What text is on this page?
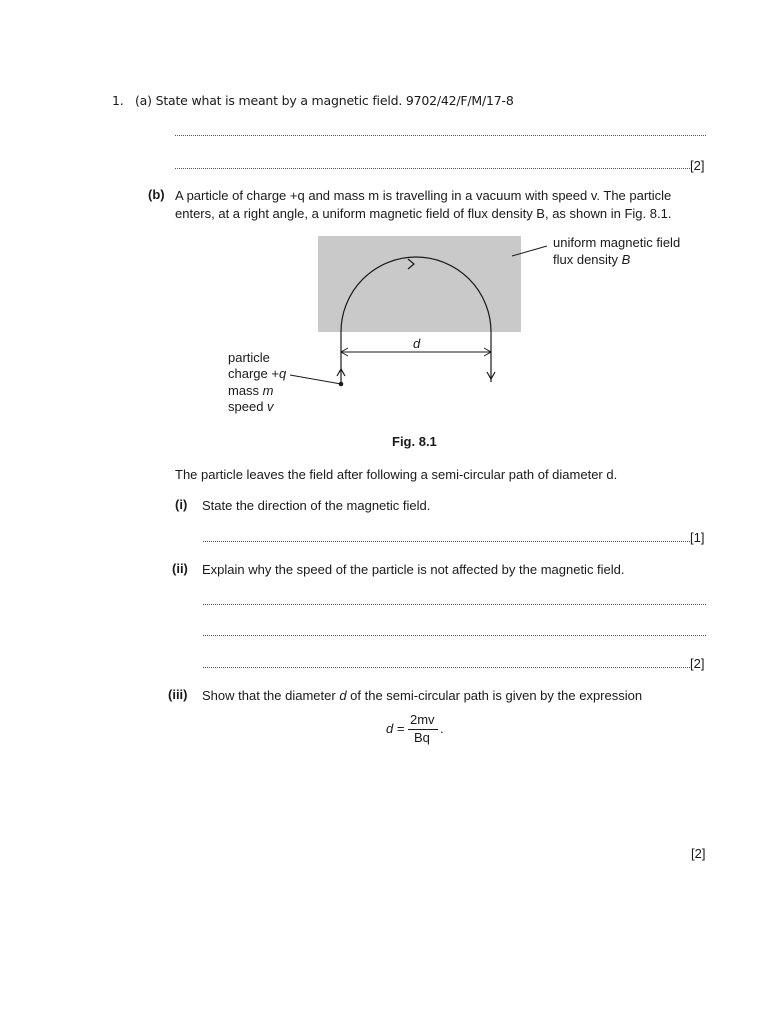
1. (a) State what is meant by a magnetic field. 9702/42/F/M/17-8
[2]
(b) A particle of charge +q and mass m is travelling in a vacuum with speed v. The particle
enters, at a right angle, a uniform magnetic field of flux density B, as shown in Fig. 8.1.
d
uniform magnetic field
flux density B
particle
charge +q
mass m
speed v
Fig. 8.1
The particle leaves the field after following a semi-circular path of diameter d.
(i) State the direction of the magnetic field.
[1]
(ii) Explain why the speed of the particle is not affected by the magnetic field.
[2]
(iii) Show that the diameter d of the semi-circular path is given by the expression
d =
2mv
Bq
.
[2]
